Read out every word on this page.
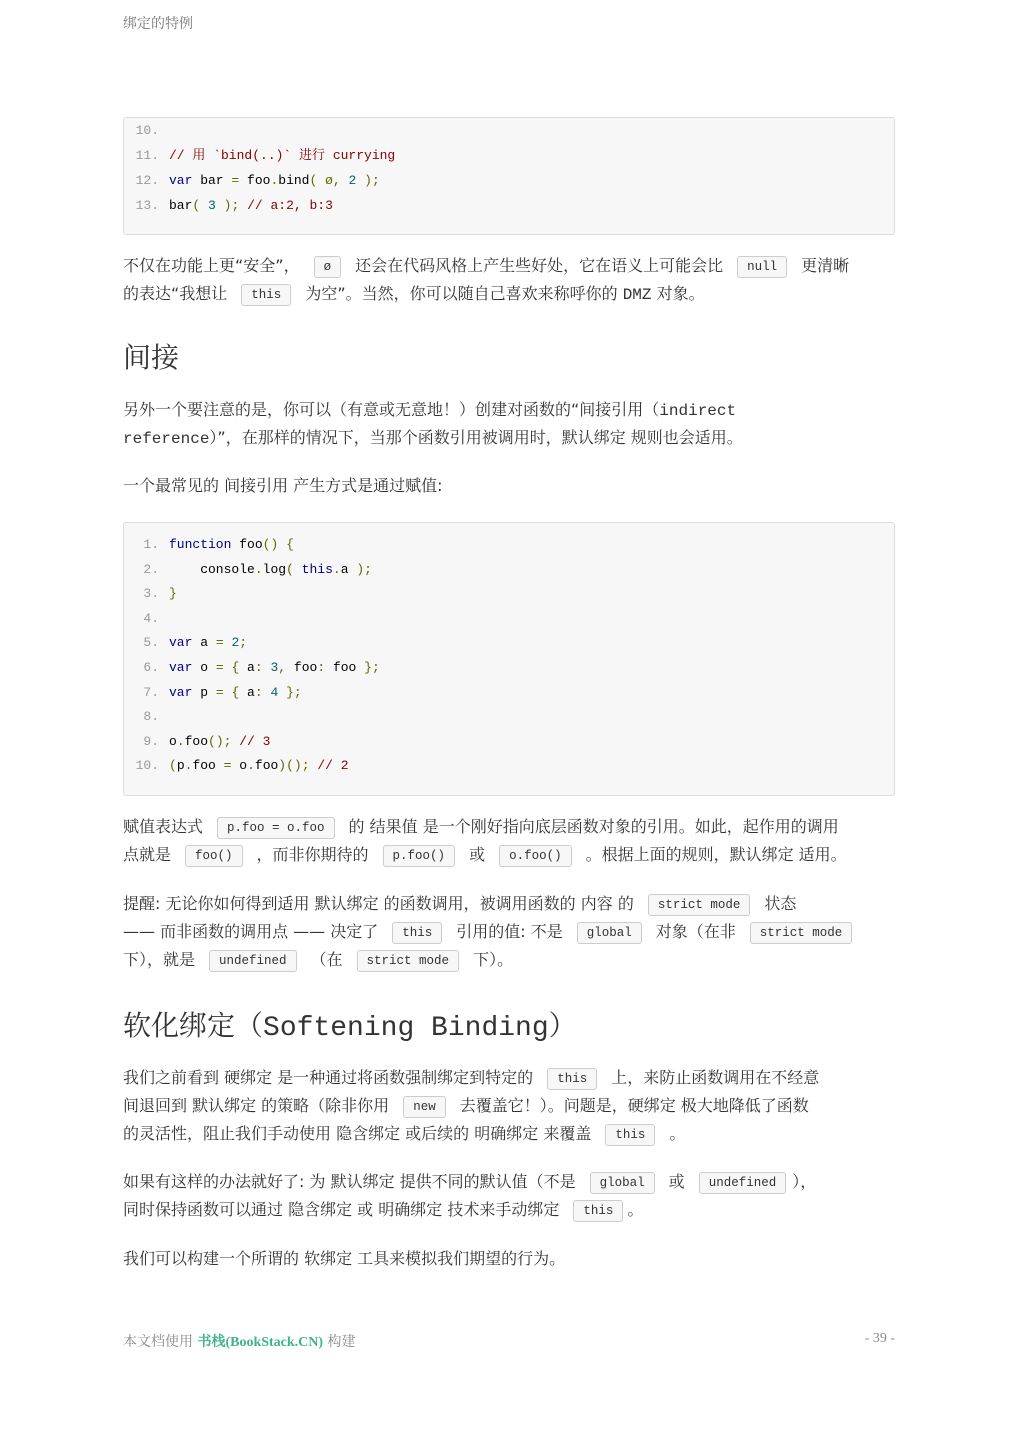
绑定的特例
10.
11. // 用 `bind(..)` 进行 currying
12. var bar = foo.bind( ø, 2 );
13. bar( 3 ); // a:2, b:3
不仅在功能上更“安全”， ø 还会在代码风格上产生些好处，它在语义上可能会比 null 更清晰
的表达“我想让 this 为空”。当然，你可以随自己喜欢来称呼你的 DMZ 对象。
间接
另外一个要注意的是，你可以（有意或无意地！）创建对函数的“间接引用（indirect
reference）”，在那样的情况下，当那个函数引用被调用时，默认绑定 规则也会适用。
一个最常见的 间接引用 产生方式是通过赋值:
1. function foo() {
2. console.log( this.a );
3. }
4.
5. var a = 2;
6. var o = { a: 3, foo: foo };
7. var p = { a: 4 };
8.
9. o.foo(); // 3
10. (p.foo = o.foo)(); // 2
赋值表达式 p.foo = o.foo 的 结果值 是一个刚好指向底层函数对象的引用。如此，起作用的调用
点就是 foo() ，而非你期待的 p.foo() 或 o.foo() 。根据上面的规则，默认绑定 适用。
提醒: 无论你如何得到适用 默认绑定 的函数调用，被调用函数的 内容 的 strict mode 状态
—— 而非函数的调用点 —— 决定了 this 引用的值: 不是 global 对象（在非 strict mode
下），就是 undefined （在 strict mode 下）。
软化绑定（Softening Binding）
我们之前看到 硬绑定 是一种通过将函数强制绑定到特定的 this 上，来防止函数调用在不经意
间退回到 默认绑定 的策略（除非你用 new 去覆盖它！）。问题是，硬绑定 极大地降低了函数
的灵活性，阻止我们手动使用 隐含绑定 或后续的 明确绑定 来覆盖 this 。
如果有这样的办法就好了: 为 默认绑定 提供不同的默认值（不是 global 或 undefined ），
同时保持函数可以通过 隐含绑定 或 明确绑定 技术来手动绑定 this 。
我们可以构建一个所谓的 软绑定 工具来模拟我们期望的行为。
本文档使用 书栈(BookStack.CN) 构建	- 39 -
